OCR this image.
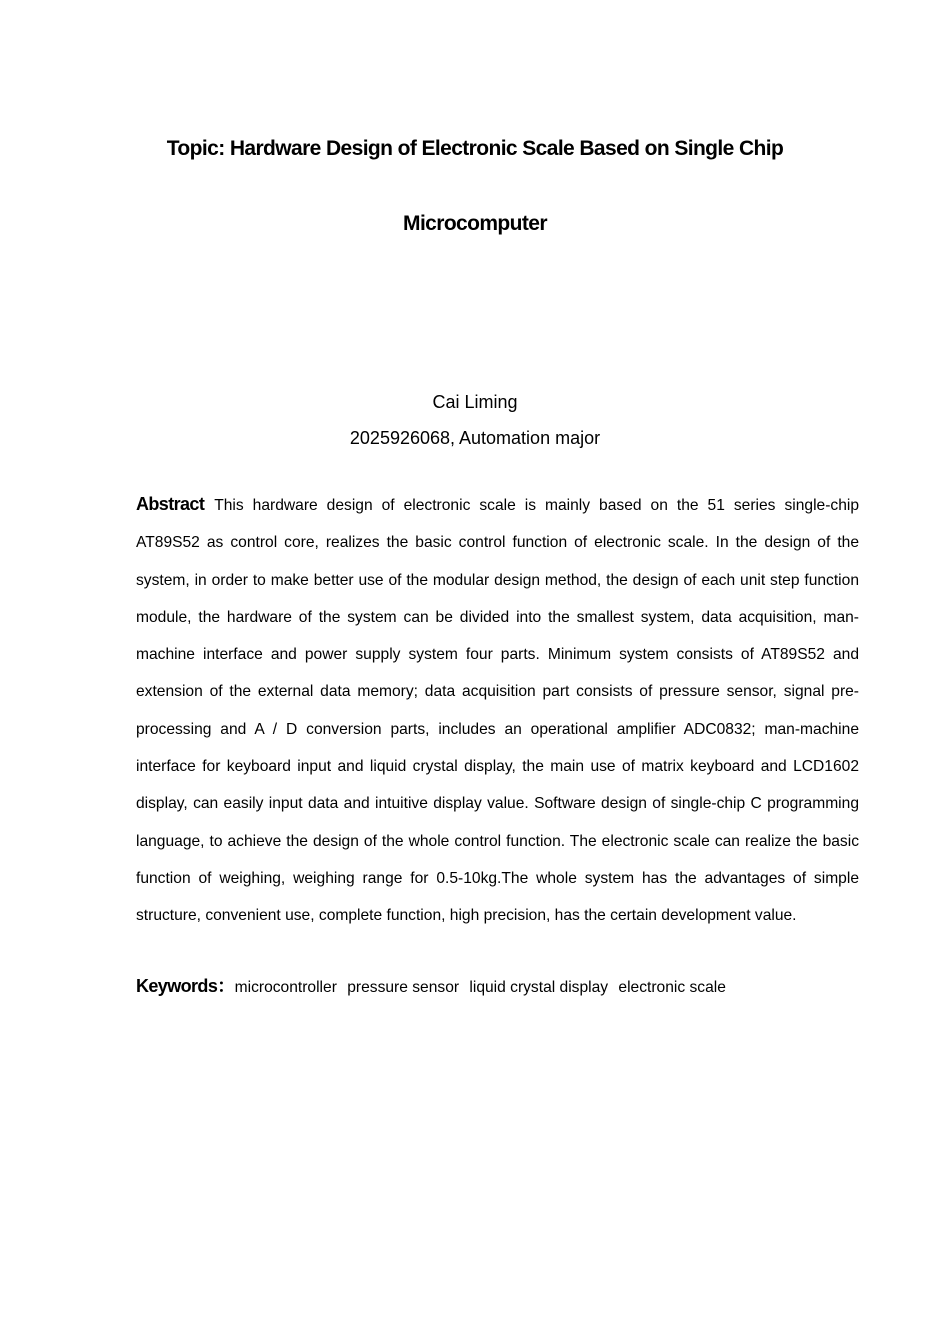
Topic: Hardware Design of Electronic Scale Based on Single Chip
Microcomputer
Cai Liming
2025926068, Automation major

Abstract This hardware design of electronic scale is mainly based on the 51 series single-chip AT89S52 as control core, realizes the basic control function of electronic scale. In the design of the system, in order to make better use of the modular design method, the design of each unit step function module, the hardware of the system can be divided into the smallest system, data acquisition, man-machine interface and power supply system four parts. Minimum system consists of AT89S52 and extension of the external data memory; data acquisition part consists of pressure sensor, signal pre-processing and A / D conversion parts, includes an operational amplifier ADC0832; man-machine interface for keyboard input and liquid crystal display, the main use of matrix keyboard and LCD1602 display, can easily input data and intuitive display value. Software design of single-chip C programming language, to achieve the design of the whole control function. The electronic scale can realize the basic function of weighing, weighing range for 0.5-10kg.The whole system has the advantages of simple structure, convenient use, complete function, high precision, has the certain development value.

Keywords：microcontroller pressure sensor liquid crystal display electronic scale
